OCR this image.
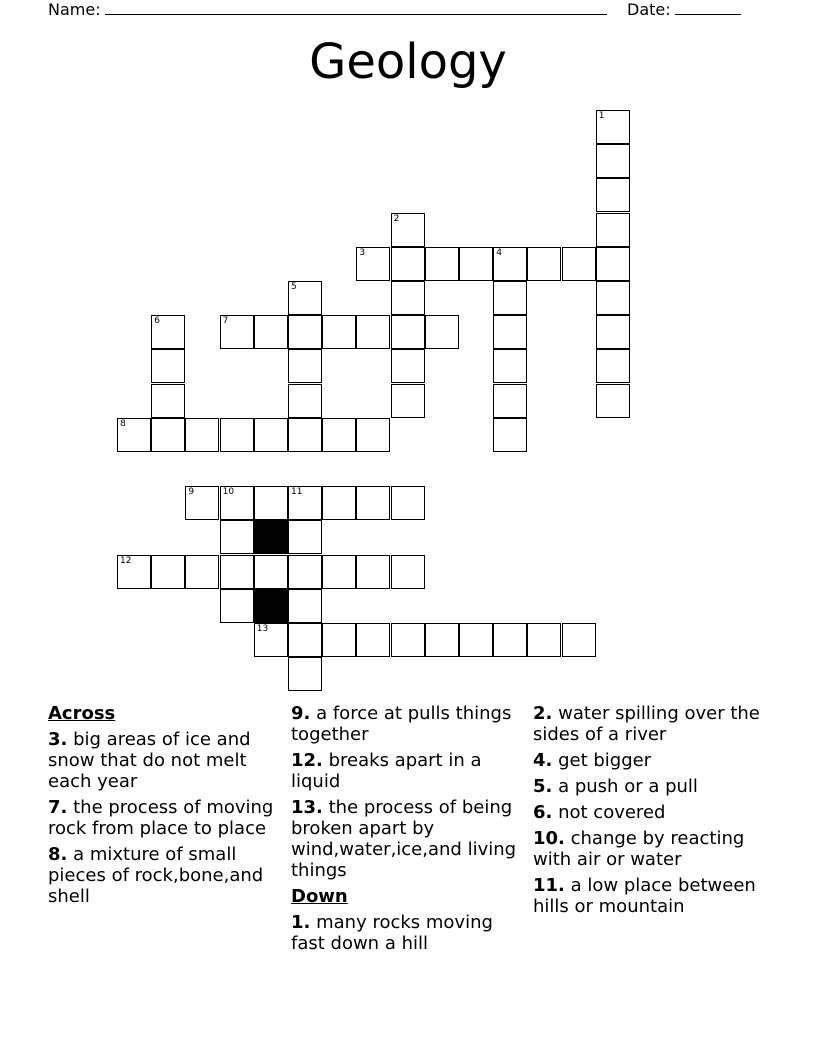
Name:	Date:
Geology
1
2
3	4
5
6	7
8
9	10	11
12
13
Across
3. big areas of ice and snow that do not melt each year
7. the process of moving rock from place to place
8. a mixture of small pieces of rock,bone,and shell
9. a force at pulls things together
12. breaks apart in a liquid
13. the process of being broken apart by wind,water,ice,and living things
Down
1. many rocks moving fast down a hill
2. water spilling over the sides of a river
4. get bigger
5. a push or a pull
6. not covered
10. change by reacting with air or water
11. a low place between hills or mountain
